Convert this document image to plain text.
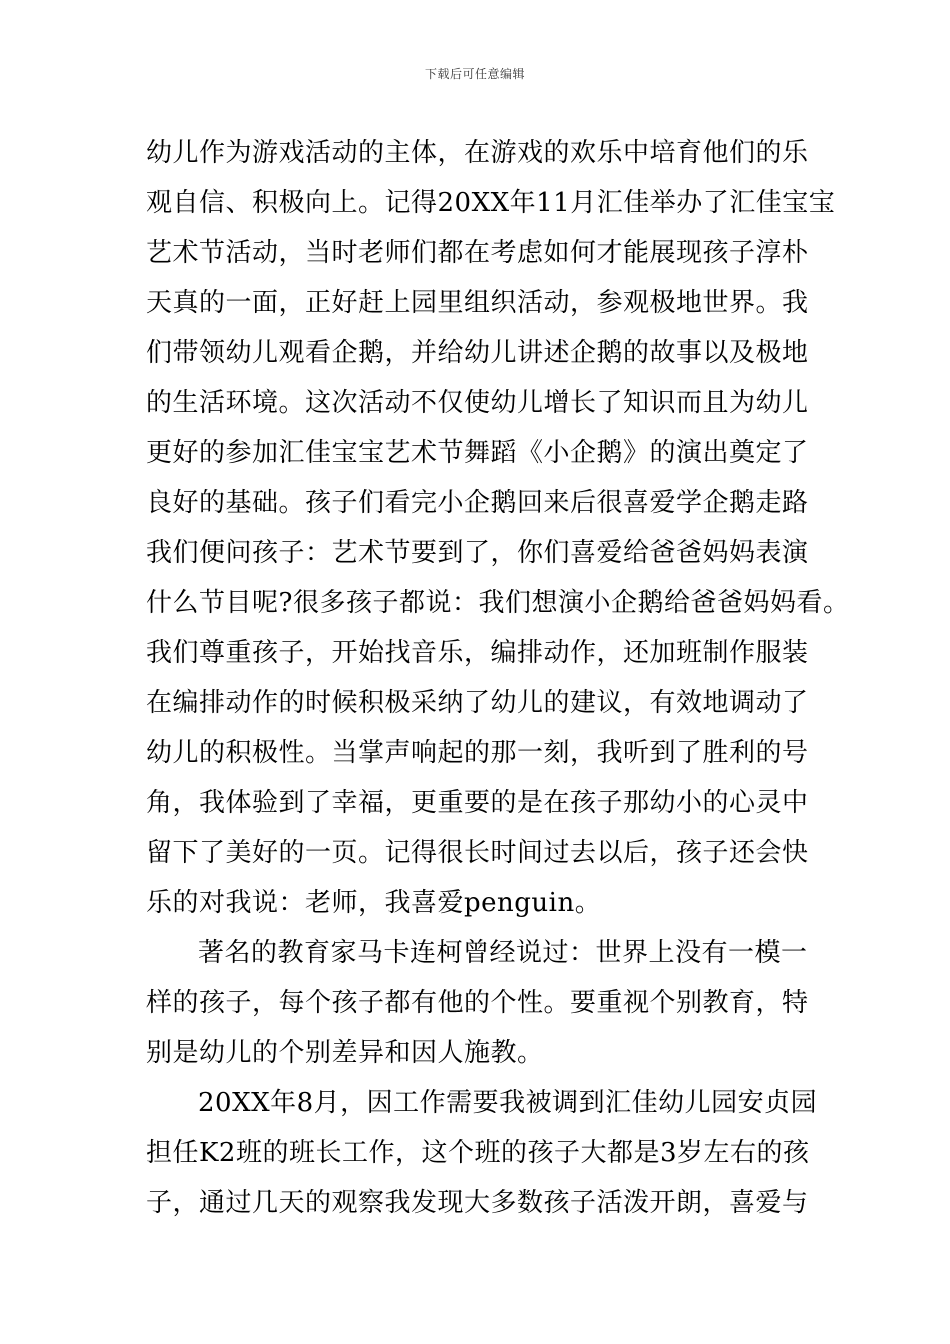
下载后可任意编辑
幼儿作为游戏活动的主体，在游戏的欢乐中培育他们的乐
观自信、积极向上。记得20XX年11月汇佳举办了汇佳宝宝
艺术节活动，当时老师们都在考虑如何才能展现孩子淳朴
天真的一面，正好赶上园里组织活动，参观极地世界。我
们带领幼儿观看企鹅，并给幼儿讲述企鹅的故事以及极地
的生活环境。这次活动不仅使幼儿增长了知识而且为幼儿
更好的参加汇佳宝宝艺术节舞蹈《小企鹅》的演出奠定了
良好的基础。孩子们看完小企鹅回来后很喜爱学企鹅走路
我们便问孩子：艺术节要到了，你们喜爱给爸爸妈妈表演
什么节目呢?很多孩子都说：我们想演小企鹅给爸爸妈妈看。
我们尊重孩子，开始找音乐，编排动作，还加班制作服装
在编排动作的时候积极采纳了幼儿的建议，有效地调动了
幼儿的积极性。当掌声响起的那一刻，我听到了胜利的号
角，我体验到了幸福，更重要的是在孩子那幼小的心灵中
留下了美好的一页。记得很长时间过去以后，孩子还会快
乐的对我说：老师，我喜爱penguin。
著名的教育家马卡连柯曾经说过：世界上没有一模一
样的孩子，每个孩子都有他的个性。要重视个别教育，特
别是幼儿的个别差异和因人施教。
20XX年8月，因工作需要我被调到汇佳幼儿园安贞园
担任K2班的班长工作，这个班的孩子大都是3岁左右的孩
子，通过几天的观察我发现大多数孩子活泼开朗，喜爱与
